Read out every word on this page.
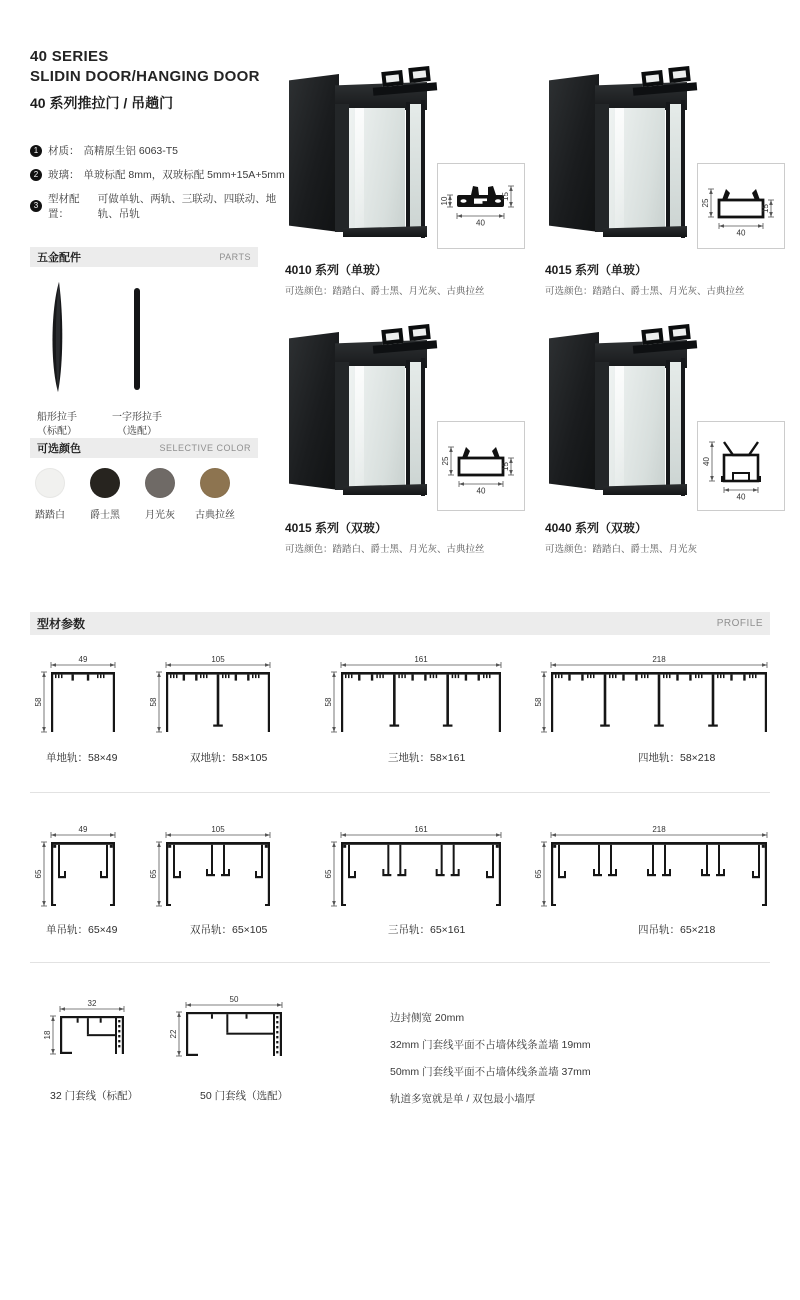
40 SERIES
SLIDIN DOOR/HANGING DOOR
40 系列推拉门 / 吊趟门
1 材质： 高精原生铝 6063-T5
2 玻璃： 单玻标配 8mm，双玻标配 5mm+15A+5mm
3
型材配置：
可做单轨、两轨、三联动、四联动、地轨、吊轨
五金配件	PARTS
船形拉手
（标配）
一字形拉手
（选配）
可选颜色	SELECTIVE COLOR
踏踏白	爵士黑	月光灰	古典拉丝
10
15
40
25
15
40
4010 系列（单玻）
可选颜色：踏踏白、爵士黑、月光灰、古典拉丝
4015 系列（单玻）
可选颜色：踏踏白、爵士黑、月光灰、古典拉丝
25
15
40
40
40
4015 系列（双玻）
可选颜色：踏踏白、爵士黑、月光灰、古典拉丝
4040 系列（双玻）
可选颜色：踏踏白、爵士黑、月光灰
型材参数	PROFILE
49
58
105
58
161
58
218
58
单地轨：58×49	双地轨：58×105	三地轨：58×161	四地轨：58×218
49
65
105
65
161
65
218
65
单吊轨：65×49	双吊轨：65×105	三吊轨：65×161	四吊轨：65×218
32
18
50
22
32 门套线（标配）	50 门套线（选配）
边封侧宽 20mm
32mm 门套线平面不占墙体线条盖墙 19mm
50mm 门套线平面不占墙体线条盖墙 37mm
轨道多宽就是单 / 双包最小墙厚
